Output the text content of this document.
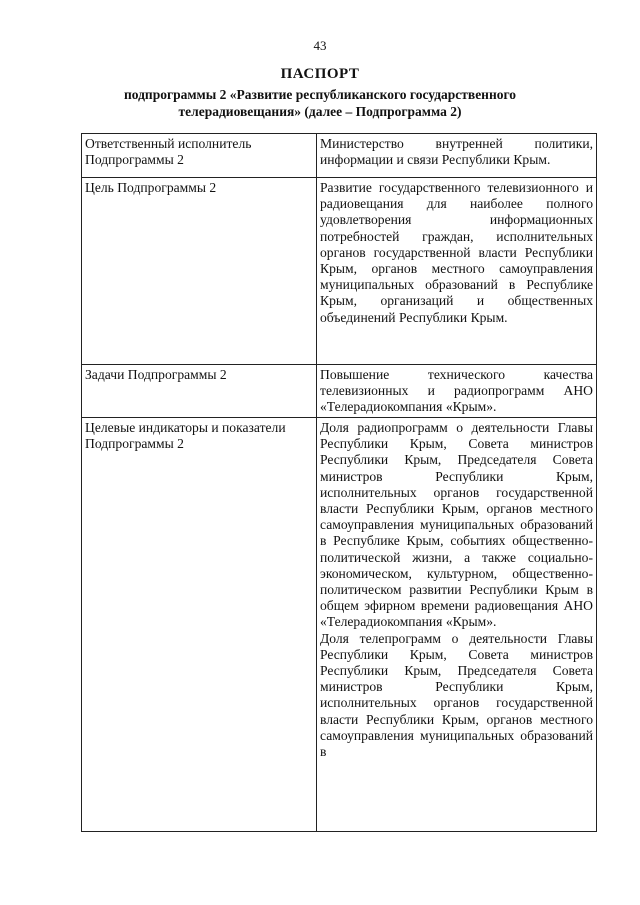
43
ПАСПОРТ
подпрограммы 2 «Развитие республиканского государственного
телерадиовещания» (далее – Подпрограмма 2)
Ответственный исполнитель Подпрограммы 2	Министерство внутренней политики, информации и связи Республики Крым.
Цель Подпрограммы 2	Развитие государственного телевизионного и радиовещания для наиболее полного удовлетворения информационных потребностей граждан, исполнительных органов государственной власти Республики Крым, органов местного самоуправления муниципальных образований в Республике Крым, организаций и общественных объединений Республики Крым.
Задачи Подпрограммы 2	Повышение технического качества телевизионных и радиопрограмм АНО «Телерадиокомпания «Крым».
Целевые индикаторы и показатели Подпрограммы 2	Доля радиопрограмм о деятельности Главы Республики Крым, Совета министров Республики Крым, Председателя Совета министров Республики Крым, исполнительных органов государственной власти Республики Крым, органов местного самоуправления муниципальных образований в Республике Крым, событиях общественно-политической жизни, а также социально-экономическом, культурном, общественно-политическом развитии Республики Крым в общем эфирном времени радиовещания АНО «Телерадиокомпания «Крым».
Доля телепрограмм о деятельности Главы Республики Крым, Совета министров Республики Крым, Председателя Совета министров Республики Крым, исполнительных органов государственной власти Республики Крым, органов местного самоуправления муниципальных образований в
